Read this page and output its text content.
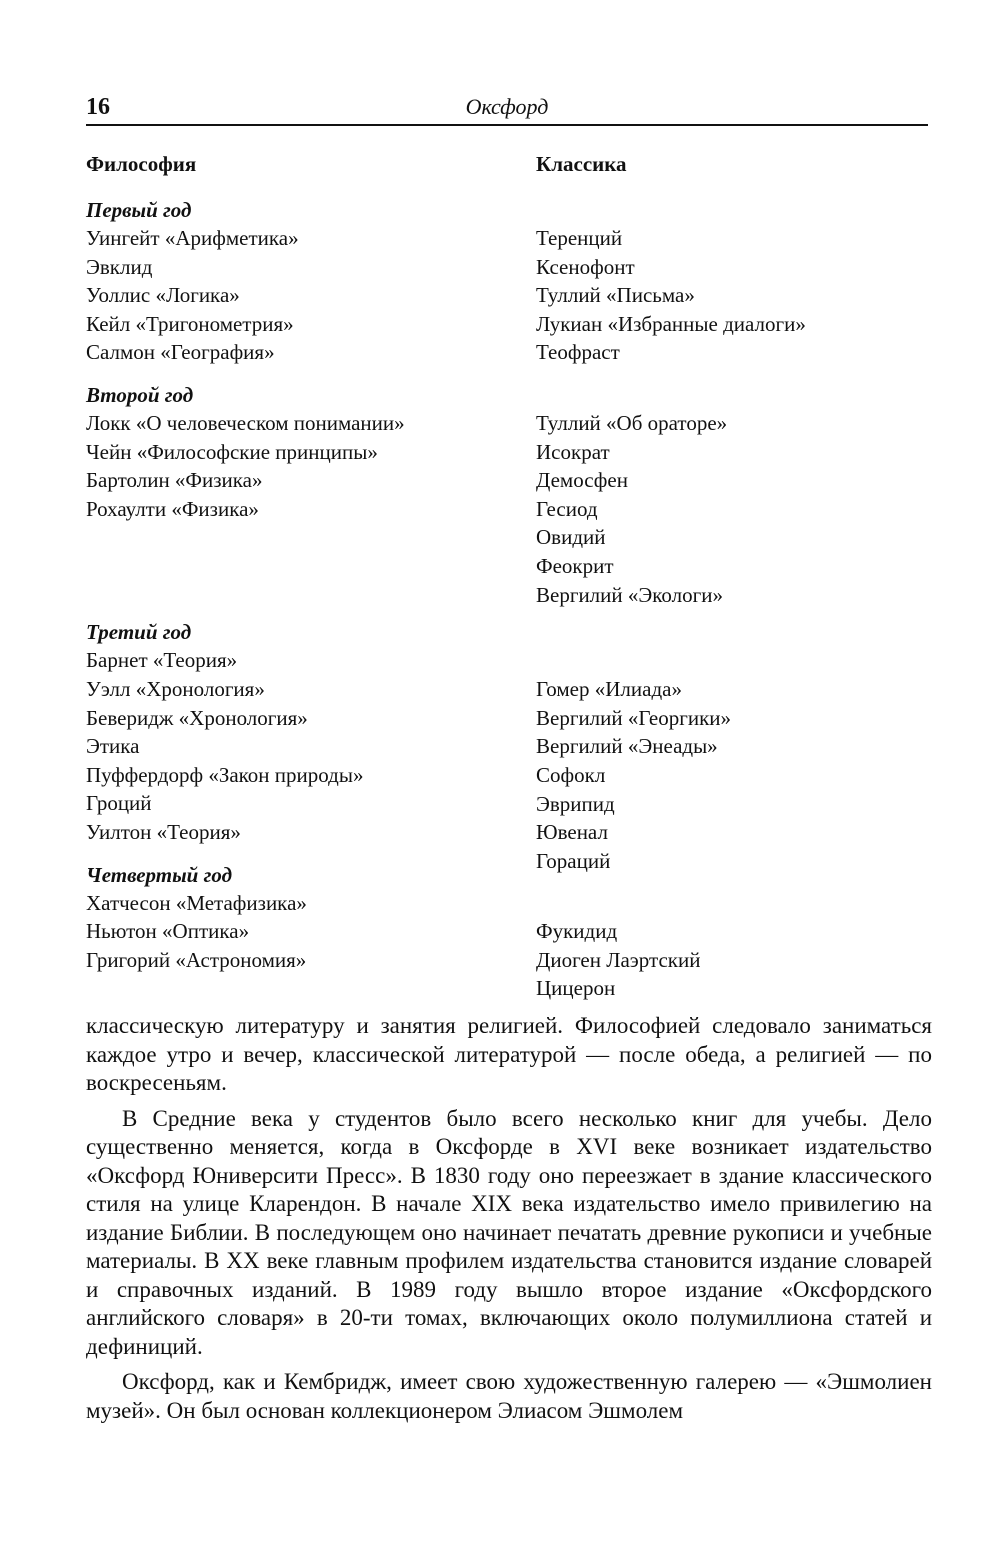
16	Оксфорд
Философия
Первый год
Уингейт «Арифметика»
Эвклид
Уоллис «Логика»
Кейл «Тригонометрия»
Салмон «География»
Второй год
Локк «О человеческом понимании»
Чейн «Философские принципы»
Бартолин «Физика»
Рохаулти «Физика»
Третий год
Барнет «Теория»
Уэлл «Хронология»
Беверидж «Хронология»
Этика
Пуффердорф «Закон природы»
Гроций
Уилтон «Теория»
Четвертый год
Хатчесон «Метафизика»
Ньютон «Оптика»
Григорий «Астрономия»
Классика
Теренций
Ксенофонт
Туллий «Письма»
Лукиан «Избранные диалоги»
Теофраст
Туллий «Об ораторе»
Исократ
Демосфен
Гесиод
Овидий
Феокрит
Вергилий «Экологи»
Гомер «Илиада»
Вергилий «Георгики»
Вергилий «Энеады»
Софокл
Эврипид
Ювенал
Гораций
Фукидид
Диоген Лаэртский
Цицерон

классическую литературу и занятия религией. Философией следовало заниматься каждое утро и вечер, классической литературой — после обеда, а религией — по воскресеньям.

В Средние века у студентов было всего несколько книг для учебы. Дело существенно меняется, когда в Оксфорде в XVI веке возникает издательство «Оксфорд Юниверсити Пресс». В 1830 году оно переезжает в здание классического стиля на улице Кларендон. В начале XIX века издательство имело привилегию на издание Библии. В последующем оно начинает печатать древние рукописи и учебные материалы. В XX веке главным профилем издательства становится издание словарей и справочных изданий. В 1989 году вышло второе издание «Оксфордского английского словаря» в 20-ти томах, включающих около полумиллиона статей и дефиниций.

Оксфорд, как и Кембридж, имеет свою художественную галерею — «Эшмолиен музей». Он был основан коллекционером Элиасом Эшмолем
